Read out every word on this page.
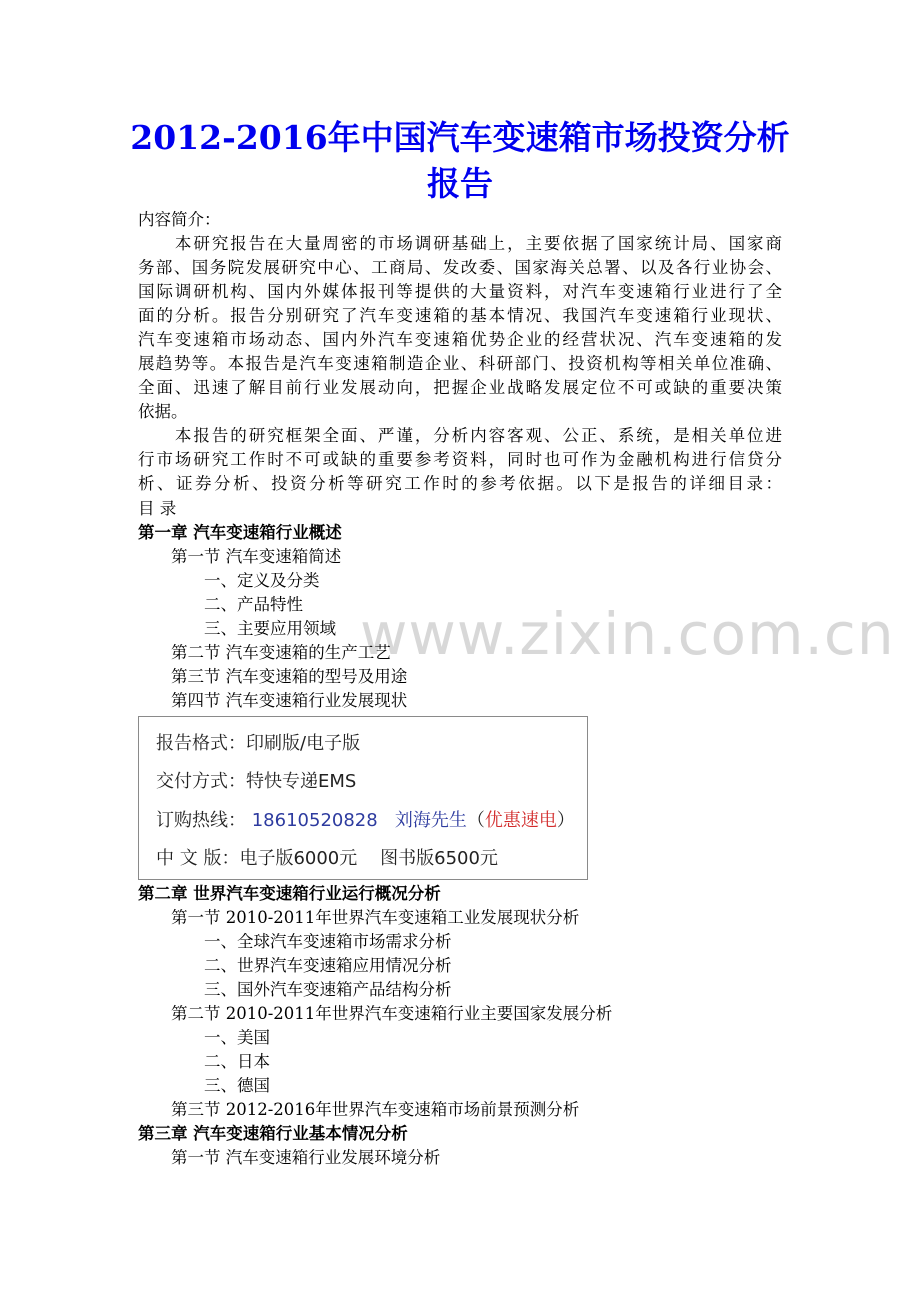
www.zixin.com.cn
2012-2016年中国汽车变速箱市场投资分析
报告
内容简介：
　　本研究报告在大量周密的市场调研基础上，主要依据了国家统计局、国家商
务部、国务院发展研究中心、工商局、发改委、国家海关总署、以及各行业协会、
国际调研机构、国内外媒体报刊等提供的大量资料，对汽车变速箱行业进行了全
面的分析。报告分别研究了汽车变速箱的基本情况、我国汽车变速箱行业现状、
汽车变速箱市场动态、国内外汽车变速箱优势企业的经营状况、汽车变速箱的发
展趋势等。本报告是汽车变速箱制造企业、科研部门、投资机构等相关单位准确、
全面、迅速了解目前行业发展动向，把握企业战略发展定位不可或缺的重要决策
依据。
　　本报告的研究框架全面、严谨，分析内容客观、公正、系统，是相关单位进
行市场研究工作时不可或缺的重要参考资料，同时也可作为金融机构进行信贷分
析、证券分析、投资分析等研究工作时的参考依据。以下是报告的详细目录：
目 录
第一章 汽车变速箱行业概述
　　第一节 汽车变速箱简述
　　　　一、定义及分类
　　　　二、产品特性
　　　　三、主要应用领域
　　第二节 汽车变速箱的生产工艺
　　第三节 汽车变速箱的型号及用途
　　第四节 汽车变速箱行业发展现状
报告格式：印刷版/电子版
交付方式：特快专递EMS
订购热线： 18610520828 刘海先生（优惠速电）
中 文 版：电子版6000元 图书版6500元
第二章 世界汽车变速箱行业运行概况分析
　　第一节 2010-2011年世界汽车变速箱工业发展现状分析
　　　　一、全球汽车变速箱市场需求分析
　　　　二、世界汽车变速箱应用情况分析
　　　　三、国外汽车变速箱产品结构分析
　　第二节 2010-2011年世界汽车变速箱行业主要国家发展分析
　　　　一、美国
　　　　二、日本
　　　　三、德国
　　第三节 2012-2016年世界汽车变速箱市场前景预测分析
第三章 汽车变速箱行业基本情况分析
　　第一节 汽车变速箱行业发展环境分析
